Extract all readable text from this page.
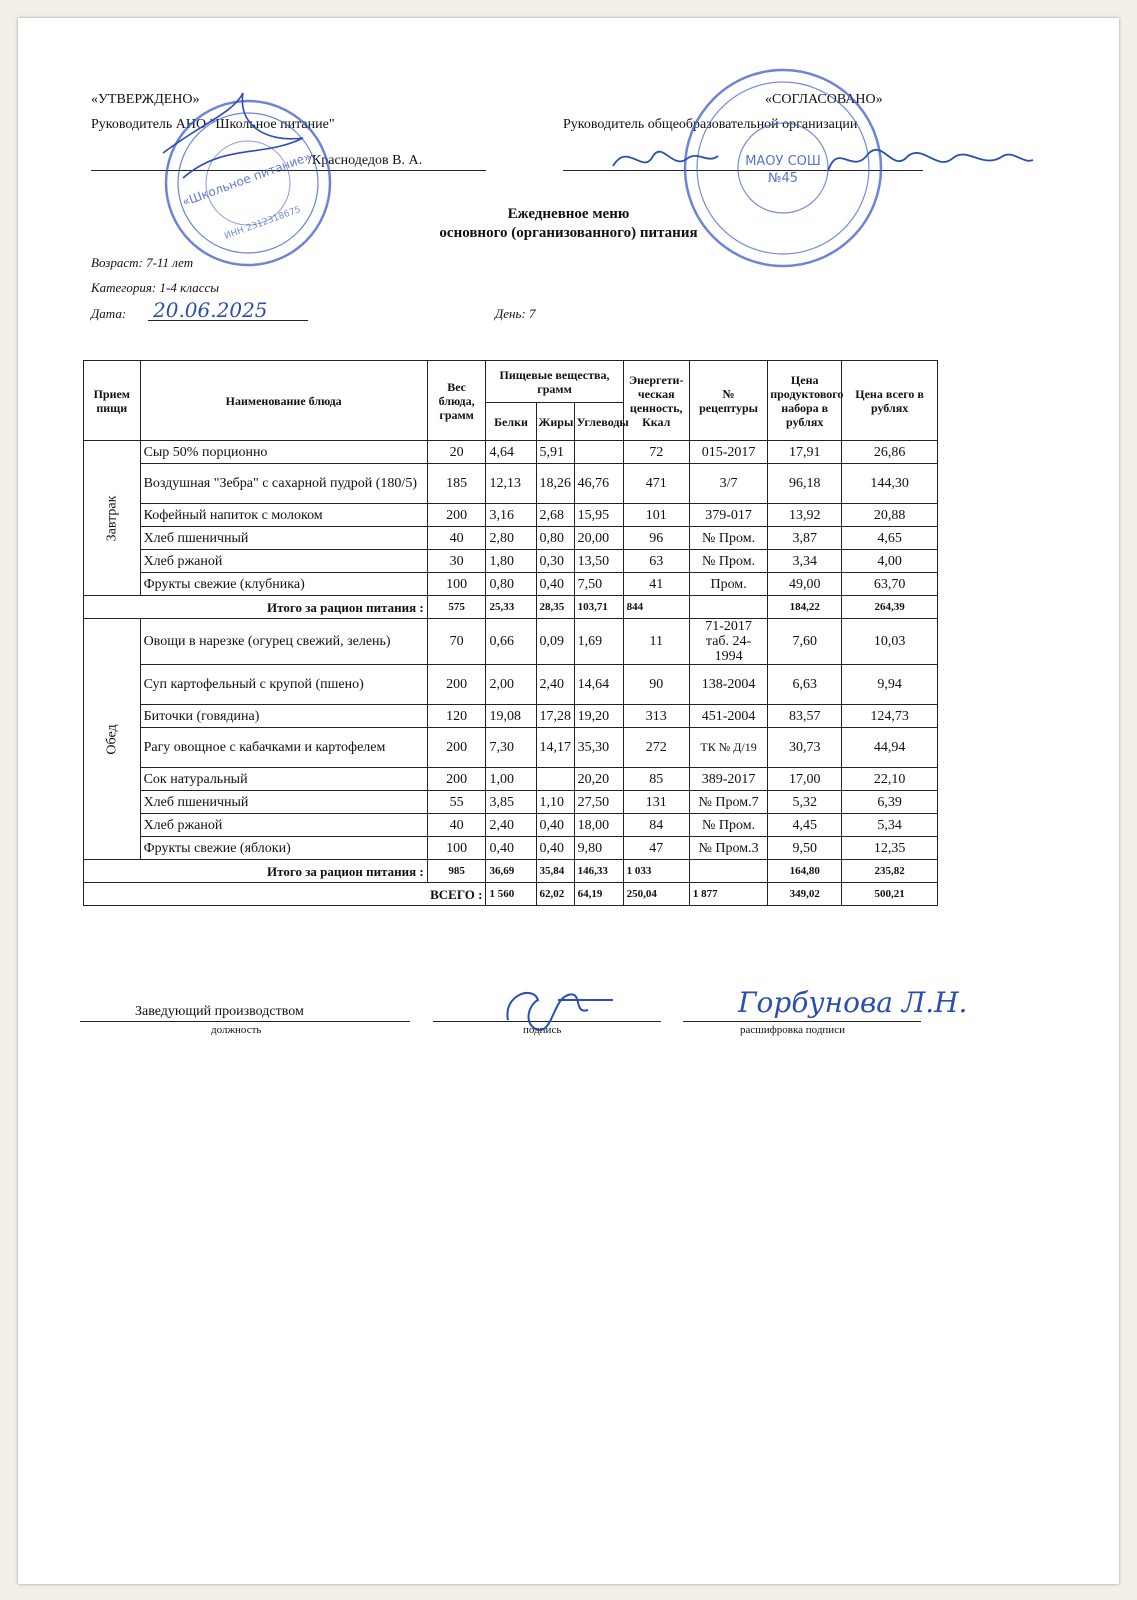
«УТВЕРЖДЕНО»
Руководитель АНО "Школьное питание"
/Краснодедов В. А.
«СОГЛАСОВАНО»
Руководитель общеобразовательной организации
«Школьное питание»
ИНН 2312318675
МАОУ СОШ
№45
Ежедневное меню
основного (организованного) питания
Возраст: 7-11 лет
Категория: 1-4 классы
Дата: 20.06.2025	День: 7
Прием пищи	Наименование блюда	Вес блюда, грамм	Пищевые вещества, грамм			Энергети-ческая ценность, Ккал	№ рецептуры	Цена продуктового набора в рублях	Цена всего в рублях
			Белки	Жиры	Углеводы				
Завтрак	Сыр 50% порционно	20	4,64	5,91		72	015-2017	17,91	26,86
	Воздушная "Зебра" с сахарной пудрой (180/5)	185	12,13	18,26	46,76	471	3/7	96,18	144,30
	Кофейный напиток с молоком	200	3,16	2,68	15,95	101	379-017	13,92	20,88
	Хлеб пшеничный	40	2,80	0,80	20,00	96	№ Пром.	3,87	4,65
	Хлеб ржаной	30	1,80	0,30	13,50	63	№ Пром.	3,34	4,00
	Фрукты свежие (клубника)	100	0,80	0,40	7,50	41	Пром.	49,00	63,70
Итого за рацион питания :		575	25,33	28,35	103,71	844		184,22	264,39
Обед	Овощи в нарезке (огурец свежий, зелень)	70	0,66	0,09	1,69	11	71-2017 таб. 24-1994	7,60	10,03
	Суп картофельный с крупой (пшено)	200	2,00	2,40	14,64	90	138-2004	6,63	9,94
	Биточки (говядина)	120	19,08	17,28	19,20	313	451-2004	83,57	124,73
	Рагу овощное с кабачками и картофелем	200	7,30	14,17	35,30	272	ТК № Д/19	30,73	44,94
	Сок натуральный	200	1,00		20,20	85	389-2017	17,00	22,10
	Хлеб пшеничный	55	3,85	1,10	27,50	131	№ Пром.7	5,32	6,39
	Хлеб ржаной	40	2,40	0,40	18,00	84	№ Пром.	4,45	5,34
	Фрукты свежие (яблоки)	100	0,40	0,40	9,80	47	№ Пром.3	9,50	12,35
Итого за рацион питания :		985	36,69	35,84	146,33	1 033		164,80	235,82
ВСЕГО :			1 560	62,02	64,19	250,04	1 877	349,02	500,21
Заведующий производством
должность	подпись	расшифровка подписи
Горбунова Л.Н.
